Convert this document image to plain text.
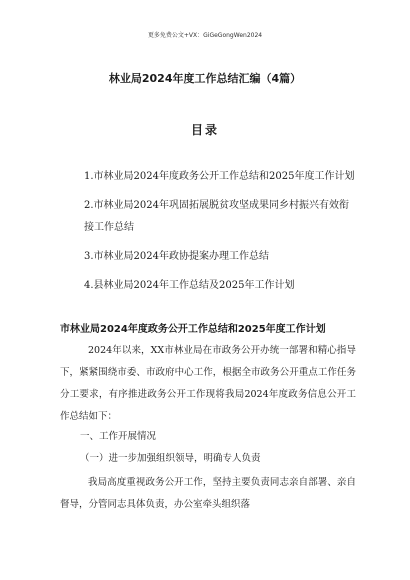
更多免费公文+VX：GiGeGongWen2024
林业局2024年度工作总结汇编（4篇）
目录
1.市林业局2024年度政务公开工作总结和2025年度工作计划
2.市林业局2024年巩固拓展脱贫攻坚成果同乡村振兴有效衔接工作总结
3.市林业局2024年政协提案办理工作总结
4.县林业局2024年工作总结及2025年工作计划
市林业局2024年度政务公开工作总结和2025年度工作计划
2024年以来，XX市林业局在市政务公开办统一部署和精心指导下，紧紧围绕市委、市政府中心工作，根据全市政务公开重点工作任务分工要求，有序推进政务公开工作现将我局2024年度政务信息公开工作总结如下：
一、工作开展情况
（一）进一步加强组织领导，明确专人负责
我局高度重视政务公开工作，坚持主要负责同志亲自部署、亲自督导，分管同志具体负责，办公室牵头组织落
